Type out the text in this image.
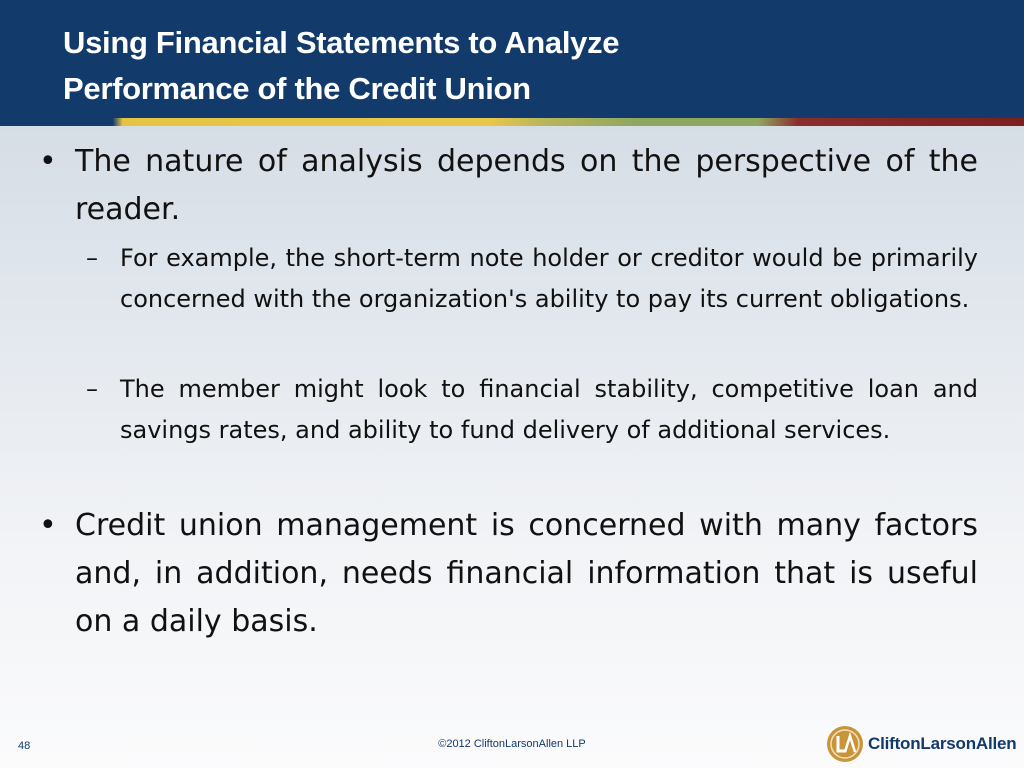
Using Financial Statements to Analyze
Performance of the Credit Union
• The nature of analysis depends on the perspective of the reader.
– For example, the short-term note holder or creditor would be primarily concerned with the organization's ability to pay its current obligations.
– The member might look to financial stability, competitive loan and savings rates, and ability to fund delivery of additional services.
• Credit union management is concerned with many factors and, in addition, needs financial information that is useful on a daily basis.
48	©2012 CliftonLarsonAllen LLP	CliftonLarsonAllen
